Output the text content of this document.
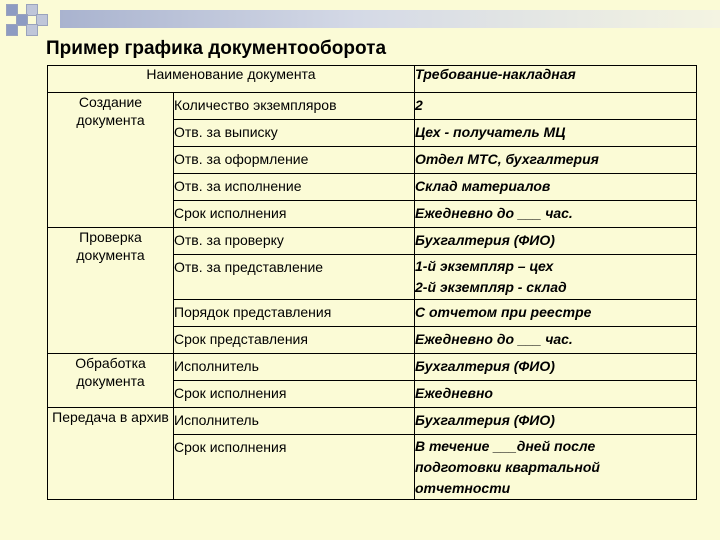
Пример графика документооборота
Наименование документа		Требование-накладная

Создание документа	Количество экземпляров	2

	Отв. за выписку	Цех - получатель МЦ

	Отв. за оформление	Отдел МТС, бухгалтерия

	Отв. за исполнение	Склад материалов

	Срок исполнения	Ежедневно до ___ час.

Проверка документа	Отв. за проверку	Бухгалтерия (ФИО)

	Отв. за представление	1-й экземпляр – цех
2-й экземпляр - склад

	Порядок представления	С отчетом при реестре

	Срок представления	Ежедневно до ___ час.

Обработка документа	Исполнитель	Бухгалтерия (ФИО)

	Срок исполнения	Ежедневно

Передача в архив	Исполнитель	Бухгалтерия (ФИО)

	Срок исполнения	В течение ___дней после
подготовки квартальной
отчетности
